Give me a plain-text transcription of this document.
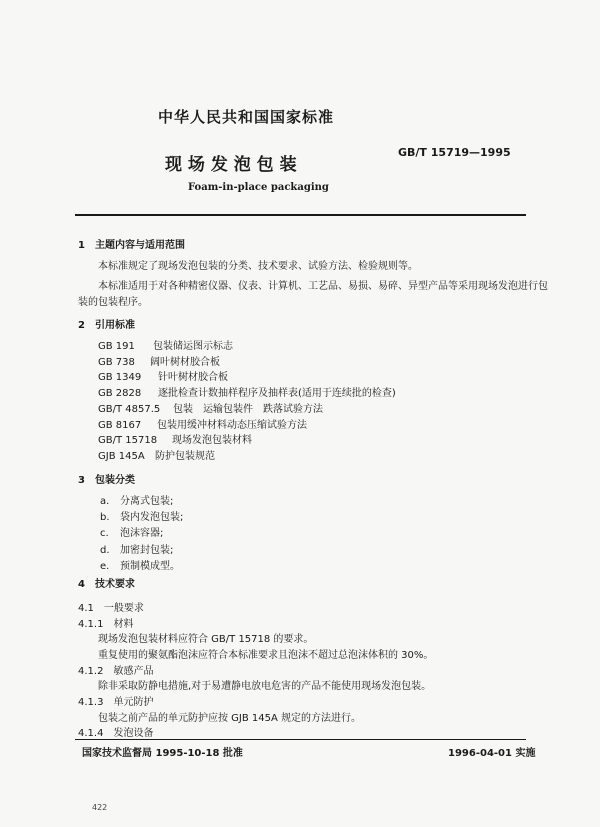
中华人民共和国国家标准
现 场 发 泡 包 装
GB/T 15719—1995
Foam-in-place packaging
1　主题内容与适用范围
本标准规定了现场发泡包装的分类、技术要求、试验方法、检验规则等。
本标准适用于对各种精密仪器、仪表、计算机、工艺品、易损、易碎、异型产品等采用现场发泡进行包
装的包装程序。
2　引用标准
GB 191 包装储运图示标志
GB 738 阔叶树材胶合板
GB 1349 针叶树材胶合板
GB 2828 逐批检查计数抽样程序及抽样表(适用于连续批的检查)
GB/T 4857.5 包装　运输包装件　跌落试验方法
GB 8167 包装用缓冲材料动态压缩试验方法
GB/T 15718 现场发泡包装材料
GJB 145A 防护包装规范
3　包装分类
a. 分离式包装;
b. 袋内发泡包装;
c. 泡沫容器;
d. 加密封包装;
e. 预制模成型。
4　技术要求
4.1　一般要求
4.1.1　材料
现场发泡包装材料应符合 GB/T 15718 的要求。
重复使用的聚氨酯泡沫应符合本标准要求且泡沫不超过总泡沫体积的 30%。
4.1.2　敏感产品
除非采取防静电措施,对于易遭静电放电危害的产品不能使用现场发泡包装。
4.1.3　单元防护
包装之前产品的单元防护应按 GJB 145A 规定的方法进行。
4.1.4　发泡设备
国家技术监督局 1995-10-18 批准	1996-04-01 实施
422
